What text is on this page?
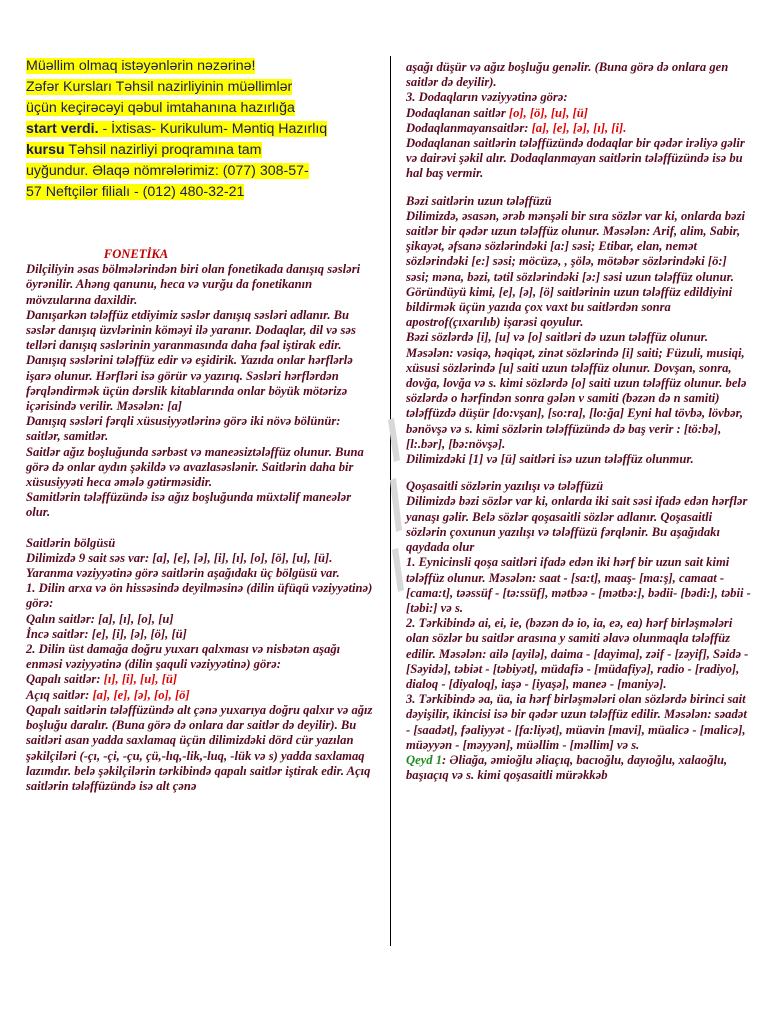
Müəllim olmaq istəyənlərin nəzərinə!
Zəfər Kursları Təhsil nazirliyinin müəllimlər
üçün keçirəcəyi qəbul imtahanına hazırlığa
start verdi. - İxtisas- Kurikulum- Məntiq Hazırlıq
kursu Təhsil nazirliyi proqramına tam
uyğundur. Əlaqə nömrələrimiz: (077) 308-57-
57 Neftçilər filialı - (012) 480-32-21

FONETİKA

Dilçiliyin əsas bölmələrindən biri olan fonetikada danışıq səsləri öyrənilir. Ahəng qanunu, heca və vurğu da fonetikanın mövzularına daxildir.

Danışarkən tələffüz etdiyimiz səslər danışıq səsləri adlanır. Bu səslər danışıq üzvlərinin köməyi ilə yaranır. Dodaqlar, dil və səs telləri danışıq səslərinin yaranmasında daha fəal iştirak edir. Danışıq səslərini tələffüz edir və eşidirik. Yazıda onlar hərflərlə işarə olunur. Hərfləri isə görür və yazırıq. Səsləri hərflərdən fərqləndirmək üçün dərslik kitablarında onlar böyük mötərizə içərisində verilir. Məsələn: [a]

Danışıq səsləri fərqli xüsusiyyətlərinə görə iki növə bölünür: saitlər, samitlər.

Saitlər ağız boşluğunda sərbəst və maneəsiztələffüz olunur. Buna görə də onlar aydın şəkildə və avazlasəslənir. Saitlərin daha bir xüsusiyyəti heca əmələ gətirməsidir.

Samitlərin tələffüzündə isə ağız boşluğunda müxtəlif maneələr olur.

Saitlərin bölgüsü

Dilimizdə 9 sait səs var: [a], [e], [ə], [i], [ı], [o], [ö], [u], [ü]. Yaranma vəziyyətinə görə saitlərin aşağıdakı üç bölgüsü var.

1. Dilin arxa və ön hissəsində deyilməsinə (dilin üfüqü vəziyyətinə) görə:

Qalın saitlər: [a], [ı], [o], [u]

İncə saitlər: [e], [i], [ə], [ö], [ü]

2. Dilin üst damağa doğru yuxarı qalxması və nisbətən aşağı enməsi vəziyyətinə (dilin şaquli vəziyyətinə) görə:

Qapalı saitlər: [ı], [i], [u], [ü]

Açıq saitlər: [a], [e], [ə], [o], [ö]

Qapalı saitlərin tələffüzündə alt çənə yuxarıya doğru qalxır və ağız boşluğu daralır. (Buna görə də onlara dar saitlər də deyilir). Bu saitləri asan yadda saxlamaq üçün dilimizdəki dörd cür yazılan şəkilçiləri (-çı, -çi, -çu, çü,-lıq,-lik,-luq, -lük və s) yadda saxlamaq lazımdır. belə şəkilçilərin tərkibində qapalı saitlər iştirak edir. Açıq saitlərin tələffüzündə isə alt çənə

aşağı düşür və ağız boşluğu genəlir. (Buna görə də onlara gen saitlər də deyilir).

3. Dodaqların vəziyyətinə görə:

Dodaqlanan saitlər [o], [ö], [u], [ü]

Dodaqlanmayansaitlər: [a], [e], [ə], [ı], [i].

Dodaqlanan saitlərin tələffüzündə dodaqlar bir qədər irəliyə gəlir və dairəvi şəkil alır. Dodaqlanmayan saitlərin tələffüzündə isə bu hal baş vermir.

Bəzi saitlərin uzun tələffüzü

Dilimizdə, əsasən, ərəb mənşəli bir sıra sözlər var ki, onlarda bəzi saitlər bir qədər uzun tələffüz olunur. Məsələn: Arif, alim, Sabir, şikayət, əfsanə sözlərindəki [a:] səsi; Etibar, elan, nemət sözlərindəki [e:] səsi; möcüzə, , şölə, mötəbər sözlərindəki [ö:] səsi; məna, bəzi, tətil sözlərindəki [ə:] səsi uzun tələffüz olunur. Göründüyü kimi, [e], [ə], [ö] saitlərinin uzun tələffüz edildiyini bildirmək üçün yazıda çox vaxt bu saitlərdən sonra apostrof(çıxarılıb) işarəsi qoyulur.

Bəzi sözlərdə [i], [u] və [o] saitləri də uzun tələffüz olunur. Məsələn: vəsiqə, həqiqət, zinət sözlərində [i] saiti; Füzuli, musiqi, xüsusi sözlərində [u] saiti uzun tələffüz olunur. Dovşan, sonra, dovğa, lovğa və s. kimi sözlərdə [o] saiti uzun tələffüz olunur. belə sözlərdə o hərfindən sonra gələn v samiti (bəzən də n samiti) tələffüzdə düşür [do:vşan], [so:ra], [lo:ğa] Eyni hal tövbə, lövbər, bənövşə və s. kimi sözlərin tələffüzündə də baş verir : [tö:bə], [l:.bər], [bə:növşə].

Dilimizdəki [1] və [ü] saitləri isə uzun tələffüz olunmur.

Qoşasaitli sözlərin yazılışı və tələffüzü

Dilimizdə bəzi sözlər var ki, onlarda iki sait səsi ifadə edən hərflər yanaşı gəlir. Belə sözlər qoşasaitli sözlər adlanır. Qoşasaitli sözlərin çoxunun yazılışı və tələffüzü fərqlənir. Bu aşağıdakı qaydada olur

1. Eynicinsli qoşa saitləri ifadə edən iki hərf bir uzun sait kimi tələffüz olunur. Məsələn: saat - [sa:t], maaş- [ma:ş], camaat - [cama:t], təəssüf - [tə:ssüf], mətbəə - [mətbə:], bədii- [bədi:], təbii - [təbi:] və s.

2. Tərkibində ai, ei, ie, (bəzən də io, ia, eə, ea) hərf birləşmələri olan sözlər bu saitlər arasına y samiti əlavə olunmaqla tələffüz edilir. Məsələn: ailə [ayilə], daima - [dayima], zəif - [zəyif], Səidə - [Səyidə], təbiət - [təbiyət], müdafiə - [müdafiyə], radio - [radiyo], dialoq - [diyaloq], iaşə - [iyaşə], maneə - [maniyə].

3. Tərkibində əa, üa, ia hərf birləşmələri olan sözlərdə birinci sait dəyişilir, ikincisi isə bir qədər uzun tələffüz edilir. Məsələn: səadət - [saadət], fəaliyyət - [fa:liyət], müavin [mavi], müalicə - [malicə], müəyyən - [məyyən], müəllim - [məllim] və s.

Qeyd 1: Əliağa, əmioğlu əliaçıq, bacıoğlu, dayıoğlu, xalaoğlu, başıaçıq və s. kimi qoşasaitli mürəkkəb
